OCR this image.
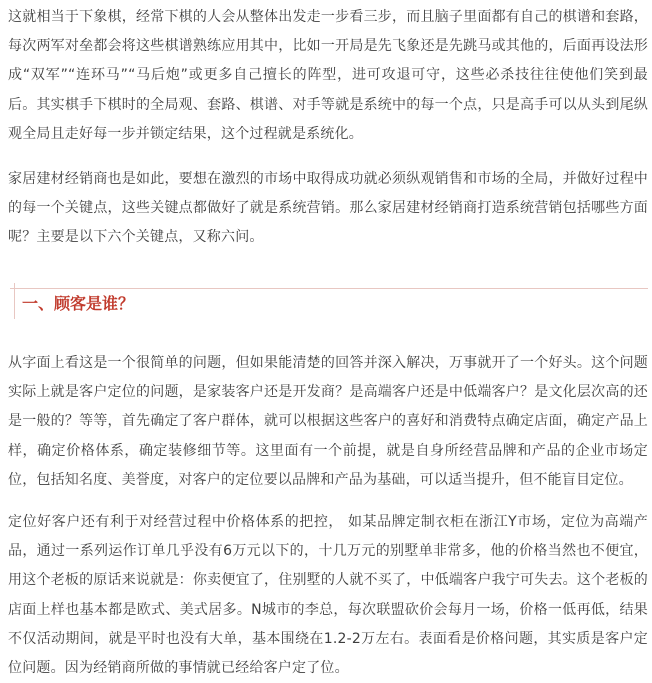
这就相当于下象棋，经常下棋的人会从整体出发走一步看三步，而且脑子里面都有自己的棋谱和套路，每次两军对垒都会将这些棋谱熟练应用其中，比如一开局是先飞象还是先跳马或其他的，后面再设法形成“双军”“连环马”“马后炮”或更多自己擅长的阵型，进可攻退可守，这些必杀技往往使他们笑到最后。其实棋手下棋时的全局观、套路、棋谱、对手等就是系统中的每一个点，只是高手可以从头到尾纵观全局且走好每一步并锁定结果，这个过程就是系统化。

家居建材经销商也是如此，要想在激烈的市场中取得成功就必须纵观销售和市场的全局，并做好过程中的每一个关键点，这些关键点都做好了就是系统营销。那么家居建材经销商打造系统营销包括哪些方面呢？主要是以下六个关键点，又称六问。

一、顾客是谁？

从字面上看这是一个很简单的问题，但如果能清楚的回答并深入解决，万事就开了一个好头。这个问题实际上就是客户定位的问题，是家装客户还是开发商？是高端客户还是中低端客户？是文化层次高的还是一般的？等等，首先确定了客户群体，就可以根据这些客户的喜好和消费特点确定店面，确定产品上样，确定价格体系，确定装修细节等。这里面有一个前提，就是自身所经营品牌和产品的企业市场定位，包括知名度、美誉度，对客户的定位要以品牌和产品为基础，可以适当提升，但不能盲目定位。

定位好客户还有利于对经营过程中价格体系的把控， 如某品牌定制衣柜在浙江Y市场，定位为高端产品，通过一系列运作订单几乎没有6万元以下的，十几万元的别墅单非常多，他的价格当然也不便宜，用这个老板的原话来说就是：你卖便宜了，住别墅的人就不买了，中低端客户我宁可失去。这个老板的店面上样也基本都是欧式、美式居多。N城市的李总，每次联盟砍价会每月一场，价格一低再低，结果不仅活动期间，就是平时也没有大单，基本围绕在1.2-2万左右。表面看是价格问题，其实质是客户定位问题。因为经销商所做的事情就已经给客户定了位。
